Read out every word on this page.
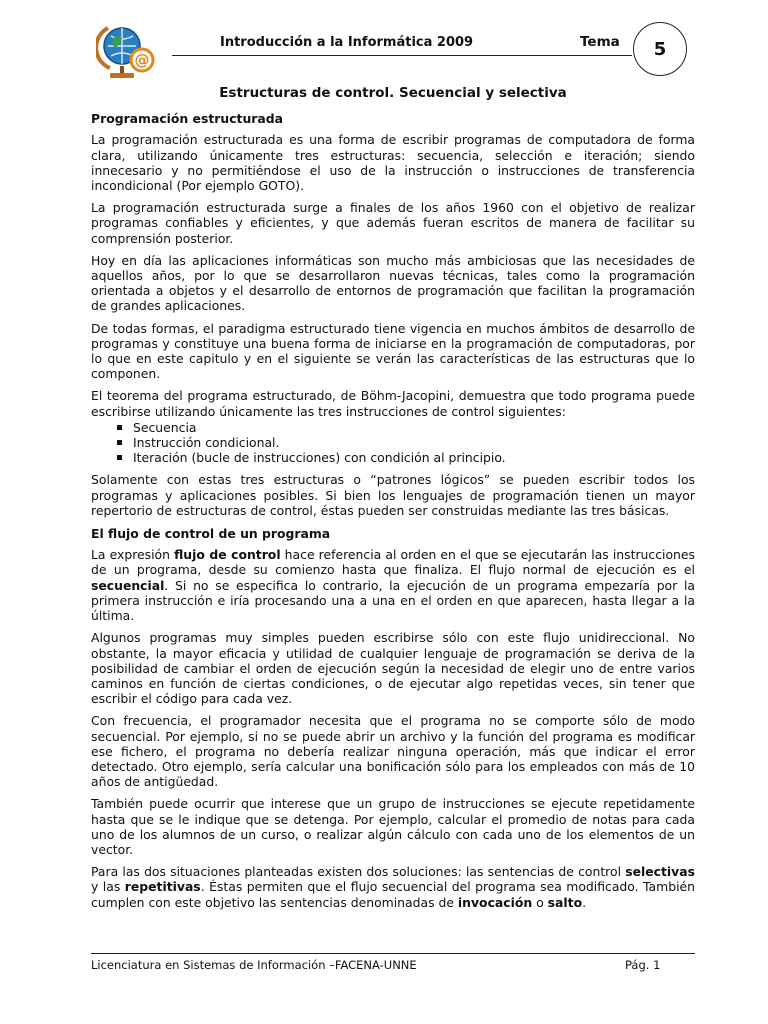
@
Introducción a la Informática 2009	Tema 5
Estructuras de control. Secuencial y selectiva
Programación estructurada

La programación estructurada es una forma de escribir programas de computadora de forma clara, utilizando únicamente tres estructuras: secuencia, selección e iteración; siendo innecesario y no permitiéndose el uso de la instrucción o instrucciones de transferencia incondicional (Por ejemplo GOTO).

La programación estructurada surge a finales de los años 1960 con el objetivo de realizar programas confiables y eficientes, y que además fueran escritos de manera de facilitar su comprensión posterior.

Hoy en día las aplicaciones informáticas son mucho más ambiciosas que las necesidades de aquellos años, por lo que se desarrollaron nuevas técnicas, tales como la programación orientada a objetos y el desarrollo de entornos de programación que facilitan la programación de grandes aplicaciones.

De todas formas, el paradigma estructurado tiene vigencia en muchos ámbitos de desarrollo de programas y constituye una buena forma de iniciarse en la programación de computadoras, por lo que en este capitulo y en el siguiente se verán las características de las estructuras que lo componen.

El teorema del programa estructurado, de Böhm-Jacopini, demuestra que todo programa puede escribirse utilizando únicamente las tres instrucciones de control siguientes:

Secuencia
Instrucción condicional.
Iteración (bucle de instrucciones) con condición al principio.

Solamente con estas tres estructuras o “patrones lógicos” se pueden escribir todos los programas y aplicaciones posibles. Si bien los lenguajes de programación tienen un mayor repertorio de estructuras de control, éstas pueden ser construidas mediante las tres básicas.

El flujo de control de un programa

La expresión flujo de control hace referencia al orden en el que se ejecutarán las instrucciones de un programa, desde su comienzo hasta que finaliza. El flujo normal de ejecución es el secuencial. Si no se especifica lo contrario, la ejecución de un programa empezaría por la primera instrucción e iría procesando una a una en el orden en que aparecen, hasta llegar a la última.

Algunos programas muy simples pueden escribirse sólo con este flujo unidireccional. No obstante, la mayor eficacia y utilidad de cualquier lenguaje de programación se deriva de la posibilidad de cambiar el orden de ejecución según la necesidad de elegir uno de entre varios caminos en función de ciertas condiciones, o de ejecutar algo repetidas veces, sin tener que escribir el código para cada vez.

Con frecuencia, el programador necesita que el programa no se comporte sólo de modo secuencial. Por ejemplo, si no se puede abrir un archivo y la función del programa es modificar ese fichero, el programa no debería realizar ninguna operación, más que indicar el error detectado. Otro ejemplo, sería calcular una bonificación sólo para los empleados con más de 10 años de antigüedad.

También puede ocurrir que interese que un grupo de instrucciones se ejecute repetidamente hasta que se le indique que se detenga. Por ejemplo, calcular el promedio de notas para cada uno de los alumnos de un curso, o realizar algún cálculo con cada uno de los elementos de un vector.

Para las dos situaciones planteadas existen dos soluciones: las sentencias de control selectivas y las repetitivas. Éstas permiten que el flujo secuencial del programa sea modificado. También cumplen con este objetivo las sentencias denominadas de invocación o salto.

Licenciatura en Sistemas de Información –FACENA-UNNE	Pág. 1
